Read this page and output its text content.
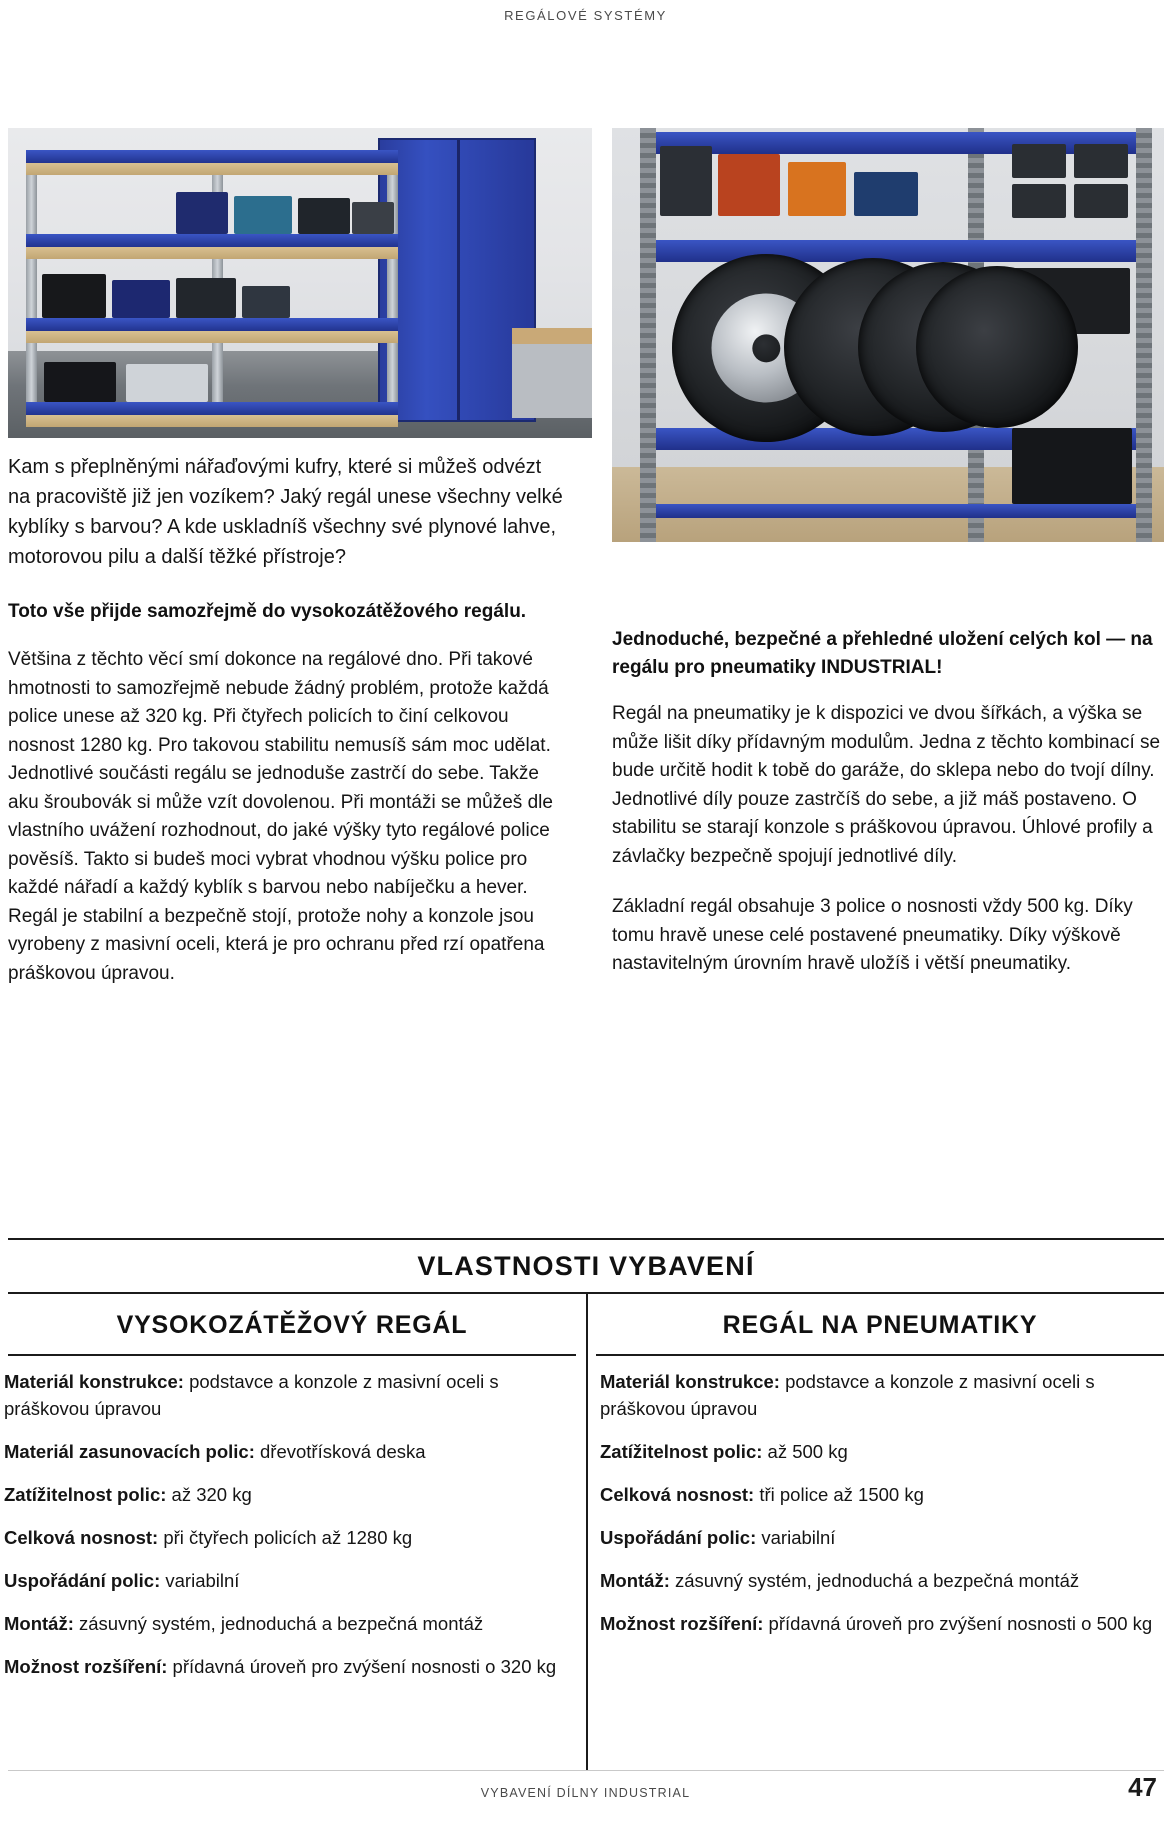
REGÁLOVÉ SYSTÉMY
Kam s přeplněnými nářaďovými kufry, které si můžeš odvézt na pracoviště již jen vozíkem? Jaký regál unese všechny velké kyblíky s barvou? A kde uskladníš všechny své plynové lahve, motorovou pilu a další těžké přístroje?
Toto vše přijde samozřejmě do vysokozátěžového regálu.
Většina z těchto věcí smí dokonce na regálové dno. Při takové hmotnosti to samozřejmě nebude žádný problém, protože každá police unese až 320 kg. Při čtyřech policích to činí celkovou nosnost 1280 kg. Pro takovou stabilitu nemusíš sám moc udělat. Jednotlivé součásti regálu se jednoduše zastrčí do sebe. Takže aku šroubovák si může vzít dovolenou. Při montáži se můžeš dle vlastního uvážení rozhodnout, do jaké výšky tyto regálové police pověsíš. Takto si budeš moci vybrat vhodnou výšku police pro každé nářadí a každý kyblík s barvou nebo nabíječku a hever. Regál je stabilní a bezpečně stojí, protože nohy a konzole jsou vyrobeny z masivní oceli, která je pro ochranu před rzí opatřena práškovou úpravou.
Jednoduché, bezpečné a přehledné uložení celých kol — na regálu pro pneumatiky INDUSTRIAL!

Regál na pneumatiky je k dispozici ve dvou šířkách, a výška se může lišit díky přídavným modulům. Jedna z těchto kombinací se bude určitě hodit k tobě do garáže, do sklepa nebo do tvojí dílny. Jednotlivé díly pouze zastrčíš do sebe, a již máš postaveno. O stabilitu se starají konzole s práškovou úpravou. Úhlové profily a závlačky bezpečně spojují jednotlivé díly.

Základní regál obsahuje 3 police o nosnosti vždy 500 kg. Díky tomu hravě unese celé postavené pneumatiky. Díky výškově nastavitelným úrovním hravě uložíš i větší pneumatiky.

VLASTNOSTI VYBAVENÍ
VYSOKOZÁTĚŽOVÝ REGÁL	REGÁL NA PNEUMATIKY
Materiál konstrukce: podstavce a konzole z masivní oceli s práškovou úpravou
Materiál zasunovacích polic: dřevotřísková deska
Zatížitelnost polic: až 320 kg
Celková nosnost: při čtyřech policích až 1280 kg
Uspořádání polic: variabilní
Montáž: zásuvný systém, jednoduchá a bezpečná montáž
Možnost rozšíření: přídavná úroveň pro zvýšení nosnosti o 320 kg
Materiál konstrukce: podstavce a konzole z masivní oceli s práškovou úpravou
Zatížitelnost polic: až 500 kg
Celková nosnost: tři police až 1500 kg
Uspořádání polic: variabilní
Montáž: zásuvný systém, jednoduchá a bezpečná montáž
Možnost rozšíření: přídavná úroveň pro zvýšení nosnosti o 500 kg
VYBAVENÍ DÍLNY INDUSTRIAL	47
